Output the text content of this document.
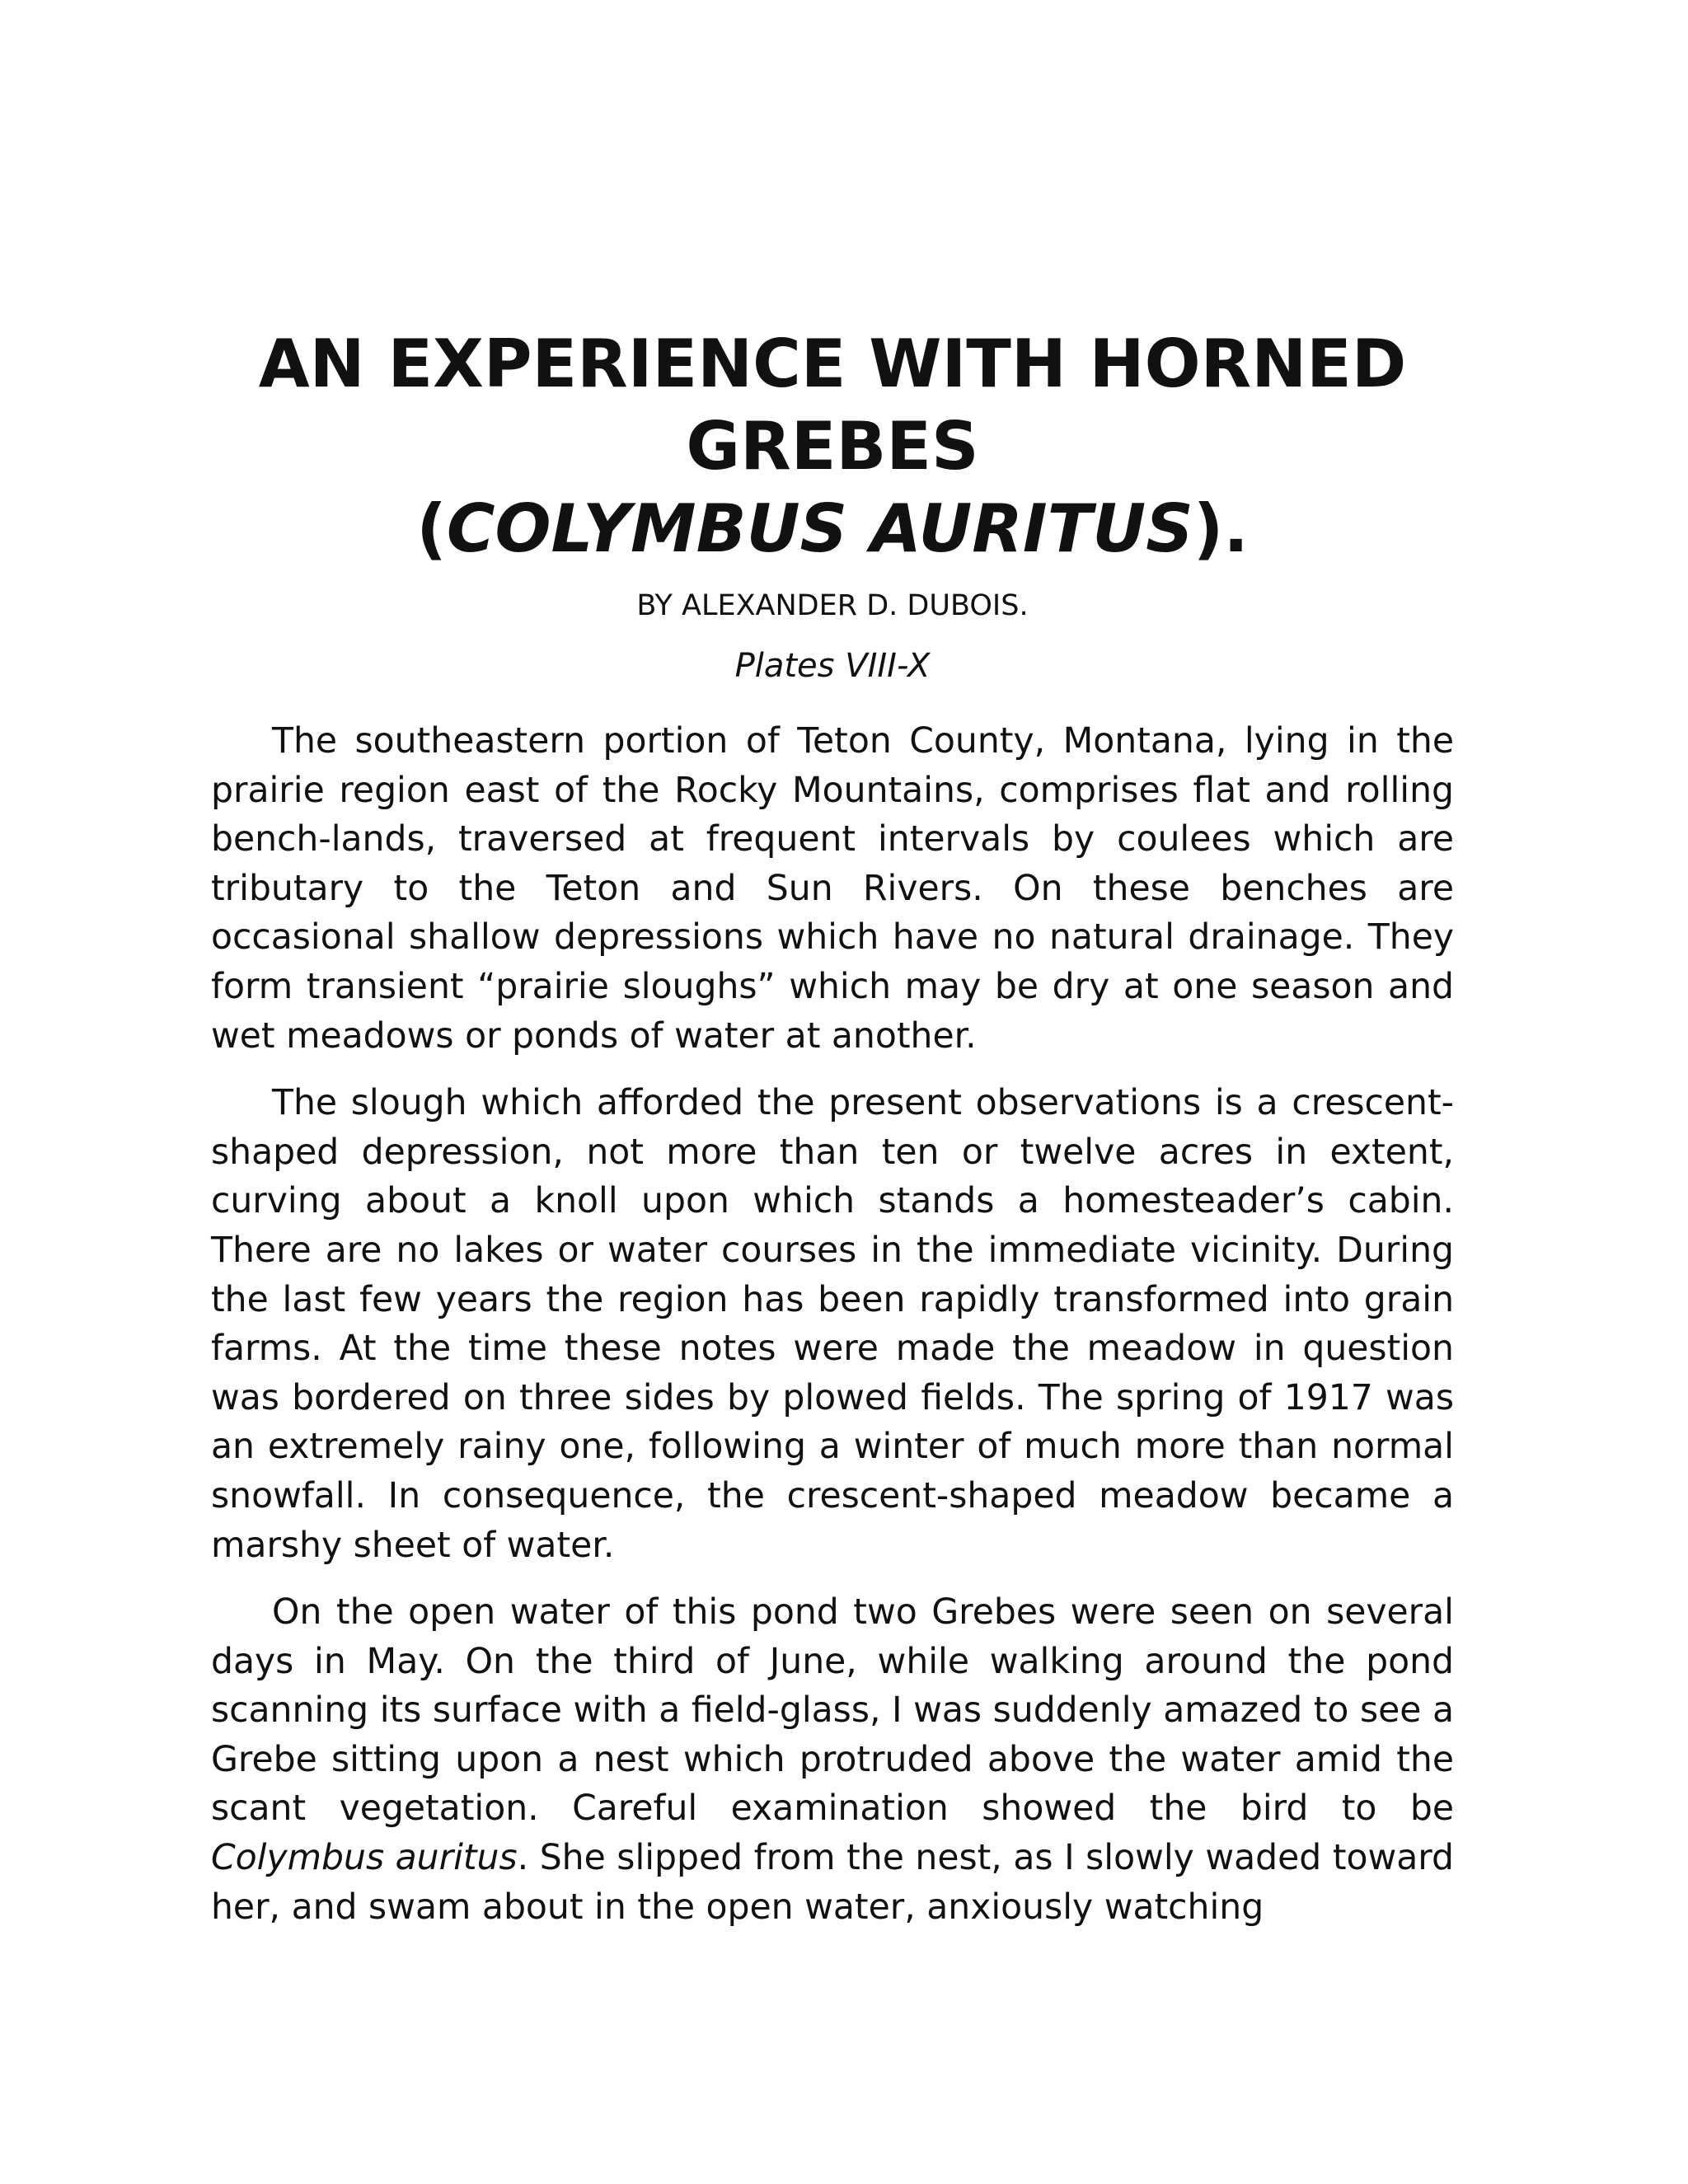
AN EXPERIENCE WITH HORNED
GREBES
(COLYMBUS AURITUS).
BY ALEXANDER D. DUBOIS.
Plates VIII-X

The southeastern portion of Teton County, Montana, lying in the prairie region east of the Rocky Mountains, comprises flat and rolling bench-lands, traversed at frequent intervals by coulees which are tributary to the Teton and Sun Rivers. On these benches are occasional shallow depressions which have no natural drainage. They form transient “prairie sloughs” which may be dry at one season and wet meadows or ponds of water at another.

The slough which afforded the present observations is a crescent-shaped depression, not more than ten or twelve acres in extent, curving about a knoll upon which stands a homesteader’s cabin. There are no lakes or water courses in the immediate vicinity. During the last few years the region has been rapidly transformed into grain farms. At the time these notes were made the meadow in question was bordered on three sides by plowed fields. The spring of 1917 was an extremely rainy one, following a winter of much more than normal snowfall. In consequence, the crescent-shaped meadow became a marshy sheet of water.

On the open water of this pond two Grebes were seen on several days in May. On the third of June, while walking around the pond scanning its surface with a field-glass, I was suddenly amazed to see a Grebe sitting upon a nest which protruded above the water amid the scant vegetation. Careful examination showed the bird to be Colymbus auritus. She slipped from the nest, as I slowly waded toward her, and swam about in the open water, anxiously watching
